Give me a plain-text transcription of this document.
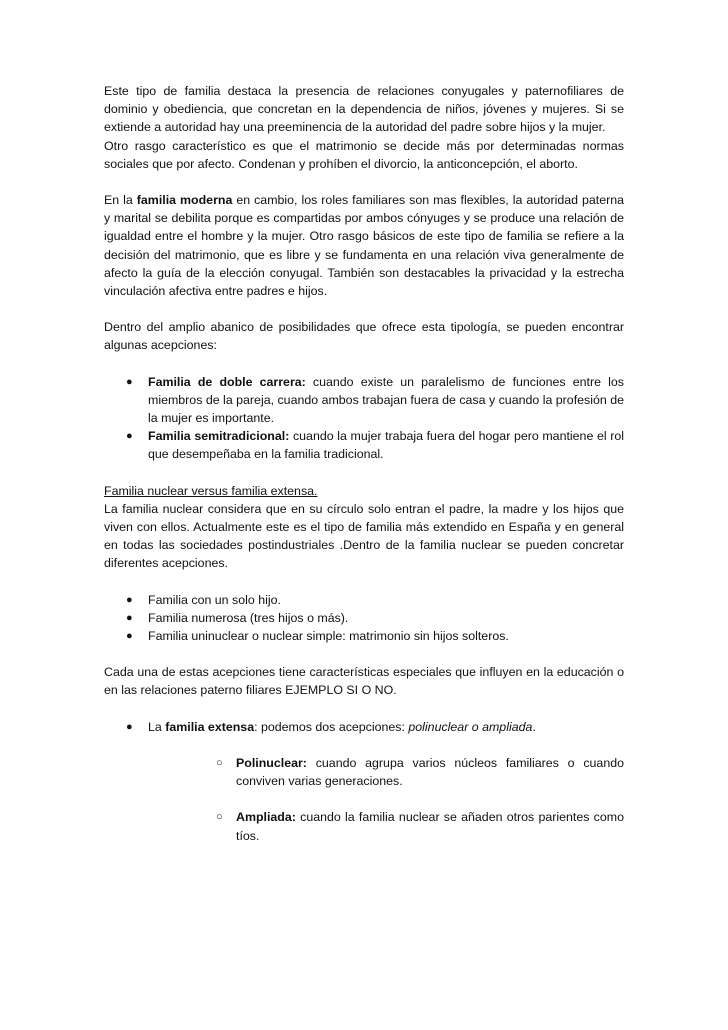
Este tipo de familia destaca la presencia de relaciones conyugales y paternofiliares de dominio y obediencia, que concretan en la dependencia de niños, jóvenes y mujeres. Si se extiende a autoridad hay una preeminencia de la autoridad del padre sobre hijos y la mujer.
Otro rasgo característico es que el matrimonio se decide más por determinadas normas sociales que por afecto. Condenan y prohíben el divorcio, la anticoncepción, el aborto.

En la familia moderna en cambio, los roles familiares son mas flexibles, la autoridad paterna y marital se debilita porque es compartidas por ambos cónyuges y se produce una relación de igualdad entre el hombre y la mujer. Otro rasgo básicos de este tipo de familia se refiere a la decisión del matrimonio, que es libre y se fundamenta en una relación viva generalmente de afecto la guía de la elección conyugal. También son destacables la privacidad y la estrecha vinculación afectiva entre padres e hijos.

Dentro del amplio abanico de posibilidades que ofrece esta tipología, se pueden encontrar algunas acepciones:

● Familia de doble carrera: cuando existe un paralelismo de funciones entre los miembros de la pareja, cuando ambos trabajan fuera de casa y cuando la profesión de la mujer es importante.
● Familia semitradicional: cuando la mujer trabaja fuera del hogar pero mantiene el rol que desempeñaba en la familia tradicional.

Familia nuclear versus familia extensa.

La familia nuclear considera que en su círculo solo entran el padre, la madre y los hijos que viven con ellos. Actualmente este es el tipo de familia más extendido en España y en general en todas las sociedades postindustriales .Dentro de la familia nuclear se pueden concretar diferentes acepciones.

● Familia con un solo hijo.
● Familia numerosa (tres hijos o más).
● Familia uninuclear o nuclear simple: matrimonio sin hijos solteros.

Cada una de estas acepciones tiene características especiales que influyen en la educación o en las relaciones paterno filiares EJEMPLO SI O NO.

● La familia extensa: podemos dos acepciones: polinuclear o ampliada.
○ Polinuclear: cuando agrupa varios núcleos familiares o cuando conviven varias generaciones.
○ Ampliada: cuando la familia nuclear se añaden otros parientes como tíos.
